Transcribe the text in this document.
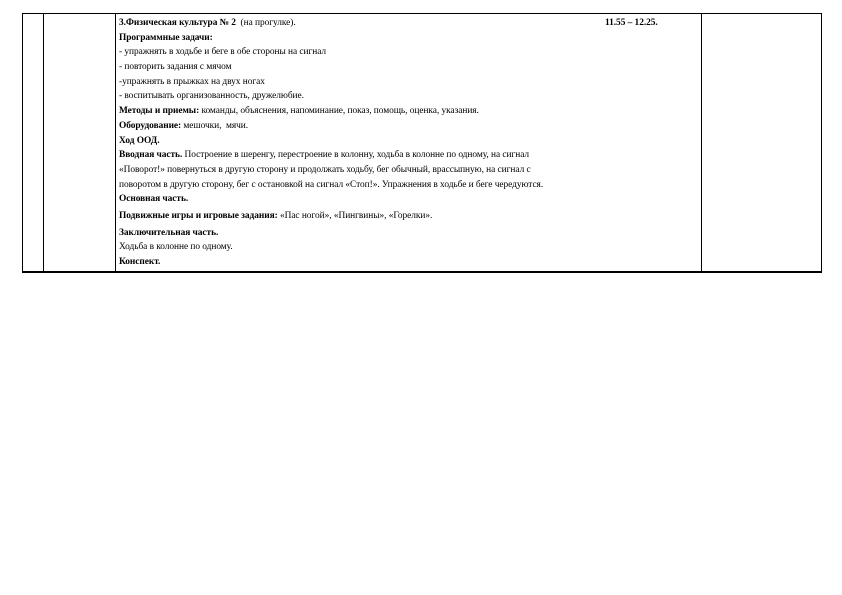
11.55 – 12.25.
3.Физическая культура № 2  (на прогулке).
Программные задачи:
- упражнять в ходьбе и беге в обе стороны на сигнал
- повторить задания с мячом
-упражнять в прыжках на двух ногах
- воспитывать организованность, дружелюбие.
Методы и приемы: команды, объяснения, напоминание, показ, помощь, оценка, указания.
Оборудование: мешочки,  мячи.
Ход ООД.
Вводная часть. Построение в шеренгу, перестроение в колонну, ходьба в колонне по одному, на сигнал
«Поворот!» повернуться в другую сторону и продолжать ходьбу, бег обычный, врассыпную, на сигнал с
поворотом в другую сторону, бег с остановкой на сигнал «Стоп!». Упражнения в ходьбе и беге чередуются.
Основная часть.
Подвижные игры и игровые задания: «Пас ногой», «Пингвины», «Горелки».
Заключительная часть.
Ходьба в колонне по одному.
Конспект.
